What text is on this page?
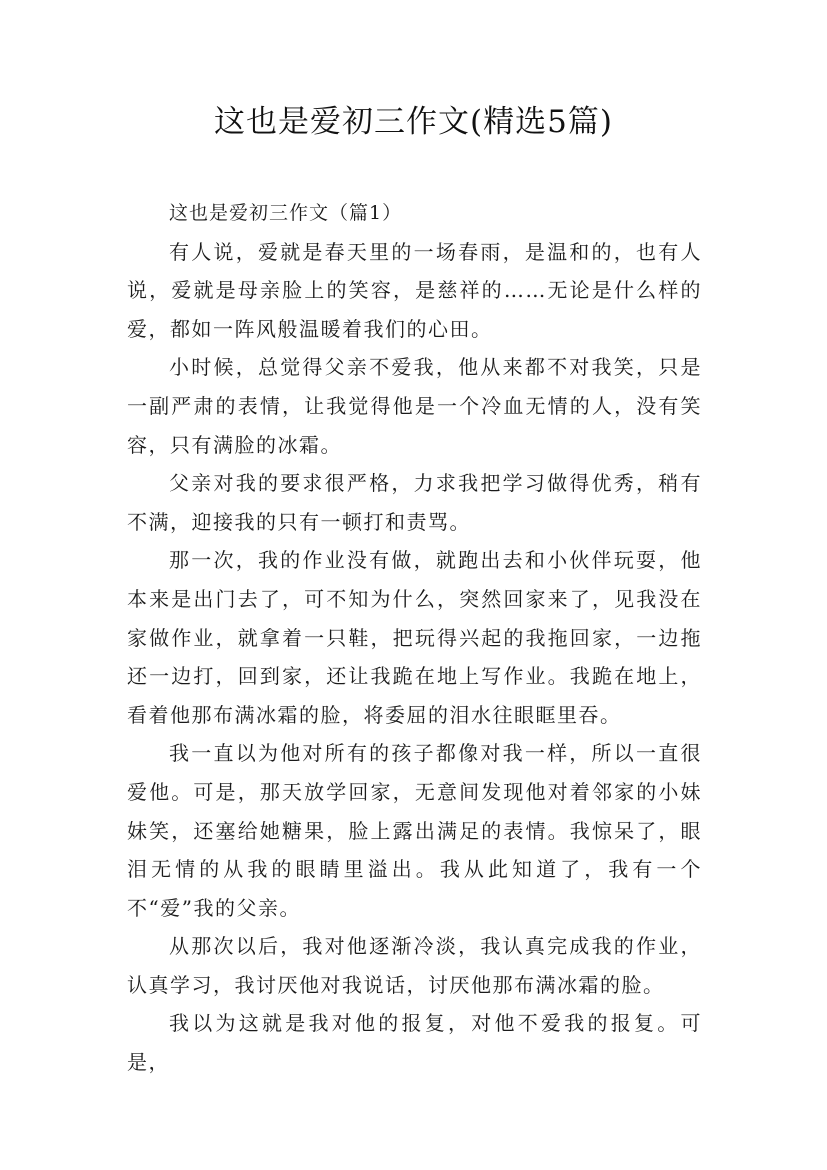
这也是爱初三作文(精选5篇)

这也是爱初三作文（篇1）

有人说，爱就是春天里的一场春雨，是温和的，也有人说，爱就是母亲脸上的笑容，是慈祥的……无论是什么样的爱，都如一阵风般温暖着我们的心田。

小时候，总觉得父亲不爱我，他从来都不对我笑，只是一副严肃的表情，让我觉得他是一个冷血无情的人，没有笑容，只有满脸的冰霜。

父亲对我的要求很严格，力求我把学习做得优秀，稍有不满，迎接我的只有一顿打和责骂。

那一次，我的作业没有做，就跑出去和小伙伴玩耍，他本来是出门去了，可不知为什么，突然回家来了，见我没在家做作业，就拿着一只鞋，把玩得兴起的我拖回家，一边拖还一边打，回到家，还让我跪在地上写作业。我跪在地上，看着他那布满冰霜的脸，将委屈的泪水往眼眶里吞。

我一直以为他对所有的孩子都像对我一样，所以一直很爱他。可是，那天放学回家，无意间发现他对着邻家的小妹妹笑，还塞给她糖果，脸上露出满足的表情。我惊呆了，眼泪无情的从我的眼睛里溢出。我从此知道了，我有一个不“爱”我的父亲。

从那次以后，我对他逐渐冷淡，我认真完成我的作业，认真学习，我讨厌他对我说话，讨厌他那布满冰霜的脸。

我以为这就是我对他的报复，对他不爱我的报复。可是，
